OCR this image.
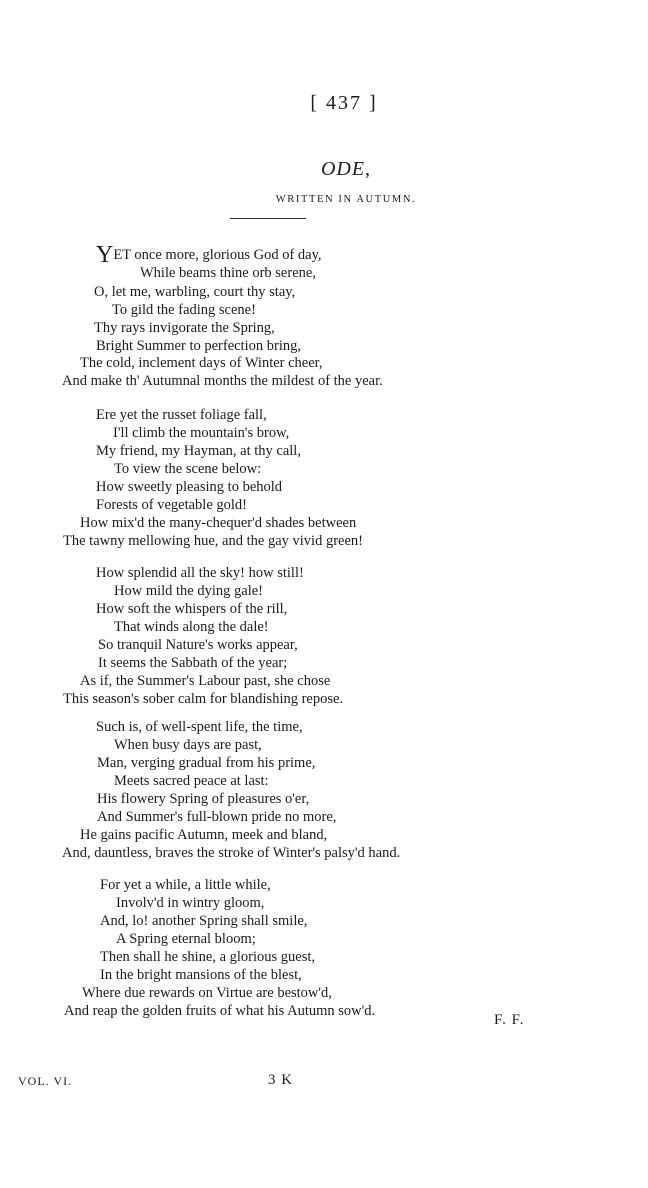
[ 437 ]
ODE,
WRITTEN IN AUTUMN.
YET once more, glorious God of day,
While beams thine orb serene,
O, let me, warbling, court thy stay,
To gild the fading scene!
Thy rays invigorate the Spring,
Bright Summer to perfection bring,
The cold, inclement days of Winter cheer,
And make th' Autumnal months the mildest of the year.
Ere yet the russet foliage fall,
I'll climb the mountain's brow,
My friend, my Hayman, at thy call,
To view the scene below:
How sweetly pleasing to behold
Forests of vegetable gold!
How mix'd the many-chequer'd shades between
The tawny mellowing hue, and the gay vivid green!
How splendid all the sky! how still!
How mild the dying gale!
How soft the whispers of the rill,
That winds along the dale!
So tranquil Nature's works appear,
It seems the Sabbath of the year;
As if, the Summer's Labour past, she chose
This season's sober calm for blandishing repose.
Such is, of well-spent life, the time,
When busy days are past,
Man, verging gradual from his prime,
Meets sacred peace at last:
His flowery Spring of pleasures o'er,
And Summer's full-blown pride no more,
He gains pacific Autumn, meek and bland,
And, dauntless, braves the stroke of Winter's palsy'd hand.
For yet a while, a little while,
Involv'd in wintry gloom,
And, lo! another Spring shall smile,
A Spring eternal bloom;
Then shall he shine, a glorious guest,
In the bright mansions of the blest,
Where due rewards on Virtue are bestow'd,
And reap the golden fruits of what his Autumn sow'd.
F. F.
VOL. VI.	3 K
